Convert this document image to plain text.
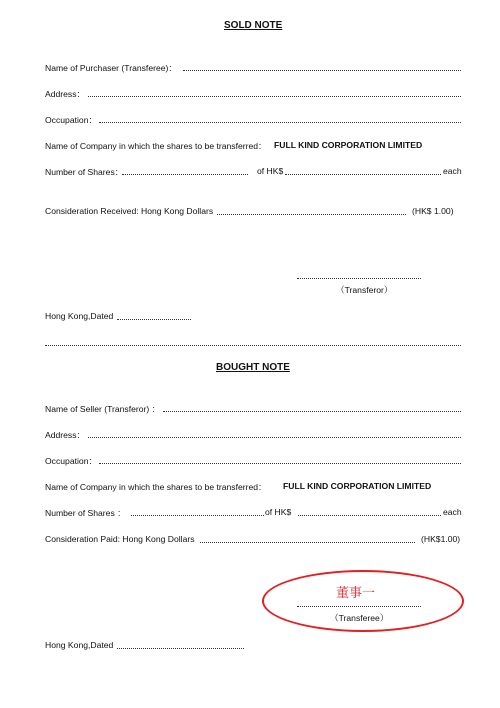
SOLD NOTE
Name of Purchaser (Transferee)：
Address：
Occupation：
Name of Company in which the shares to be transferred： FULL KIND CORPORATION LIMITED
Number of Shares：	of HK$	each
Consideration Received: Hong Kong Dollars	(HK$ 1.00)
（Transferor）
Hong Kong,Dated
BOUGHT NOTE
Name of Seller (Transferor) ：
Address：
Occupation：
Name of Company in which the shares to be transferred： FULL KIND CORPORATION LIMITED
Number of Shares ：	of HK$	each
Consideration Paid: Hong Kong Dollars	(HK$1.00)
董事一
（Transferee）
Hong Kong,Dated
